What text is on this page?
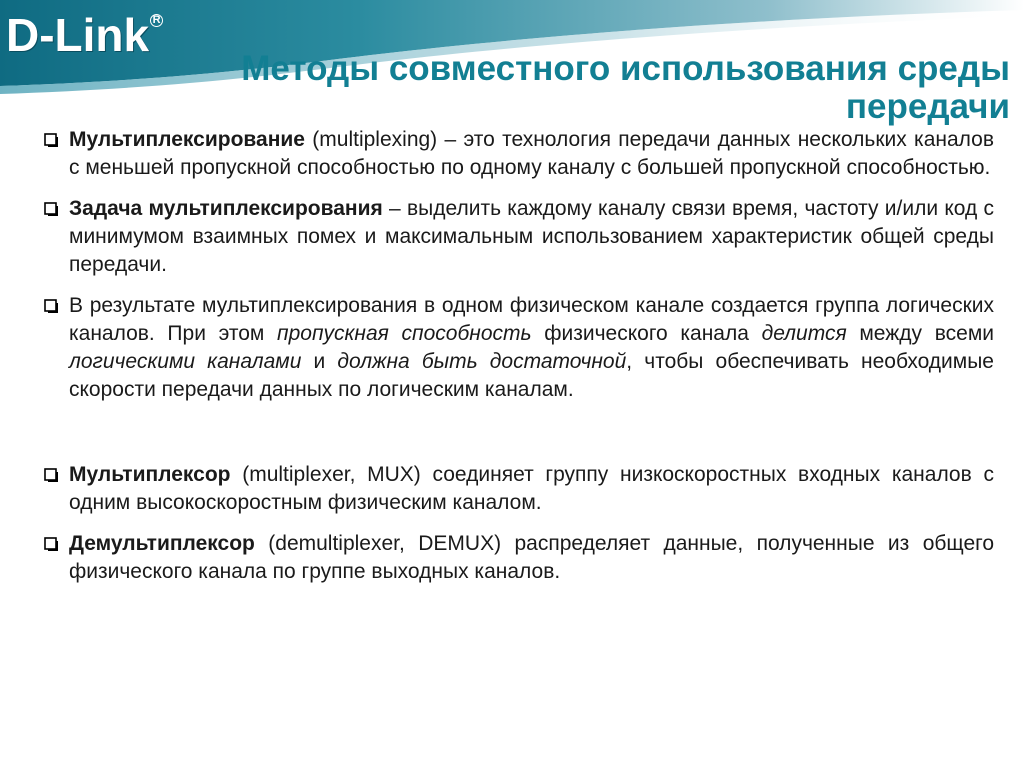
D-Link R
Методы совместного использования среды передачи
Мультиплексирование (multiplexing) – это технология передачи данных нескольких каналов с меньшей пропускной способностью по одному каналу с большей пропускной способностью.
Задача мультиплексирования – выделить каждому каналу связи время, частоту и/или код с минимумом взаимных помех и максимальным использованием характеристик общей среды передачи.
В результате мультиплексирования в одном физическом канале создается группа логических каналов. При этом пропускная способность физического канала делится между всеми логическими каналами и должна быть достаточной, чтобы обеспечивать необходимые скорости передачи данных по логическим каналам.
Мультиплексор (multiplexer, MUX) соединяет группу низкоскоростных входных каналов с одним высокоскоростным физическим каналом.
Демультиплексор (demultiplexer, DEMUX) распределяет данные, полученные из общего физического канала по группе выходных каналов.
